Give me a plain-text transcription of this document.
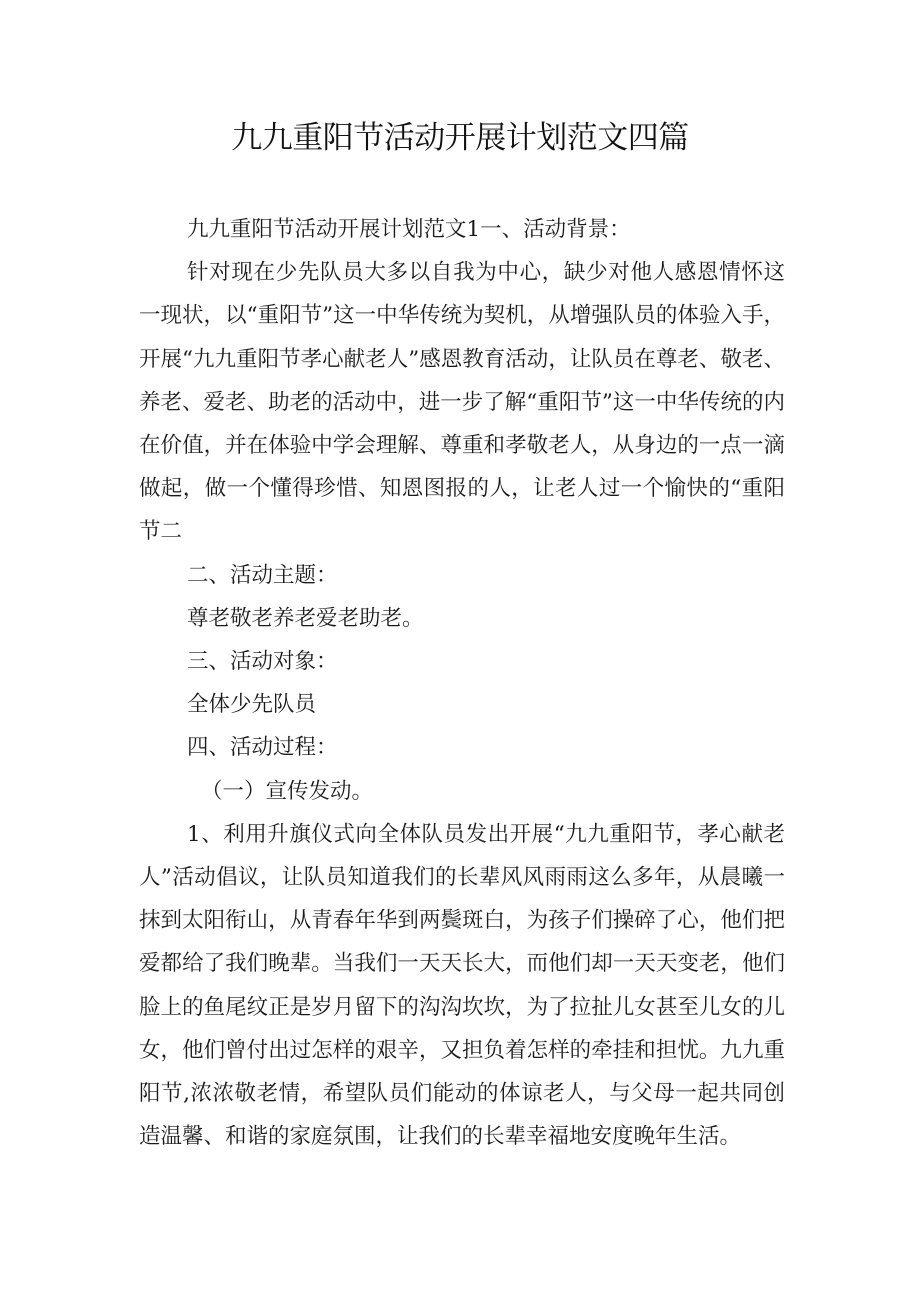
九九重阳节活动开展计划范文四篇

九九重阳节活动开展计划范文1一、活动背景：

针对现在少先队员大多以自我为中心，缺少对他人感恩情怀这一现状，以“重阳节”这一中华传统为契机，从增强队员的体验入手，开展“九九重阳节孝心献老人”感恩教育活动，让队员在尊老、敬老、养老、爱老、助老的活动中，进一步了解“重阳节”这一中华传统的内在价值，并在体验中学会理解、尊重和孝敬老人，从身边的一点一滴做起，做一个懂得珍惜、知恩图报的人，让老人过一个愉快的“重阳节二

二、活动主题：

尊老敬老养老爱老助老。

三、活动对象：

全体少先队员

四、活动过程：

（一）宣传发动。

1、利用升旗仪式向全体队员发出开展“九九重阳节，孝心献老人”活动倡议，让队员知道我们的长辈风风雨雨这么多年，从晨曦一抹到太阳衔山，从青春年华到两鬓斑白，为孩子们操碎了心，他们把爱都给了我们晚辈。当我们一天天长大，而他们却一天天变老，他们脸上的鱼尾纹正是岁月留下的沟沟坎坎，为了拉扯儿女甚至儿女的儿女，他们曾付出过怎样的艰辛，又担负着怎样的牵挂和担忧。九九重阳节,浓浓敬老情，希望队员们能动的体谅老人，与父母一起共同创造温馨、和谐的家庭氛围，让我们的长辈幸福地安度晚年生活。
